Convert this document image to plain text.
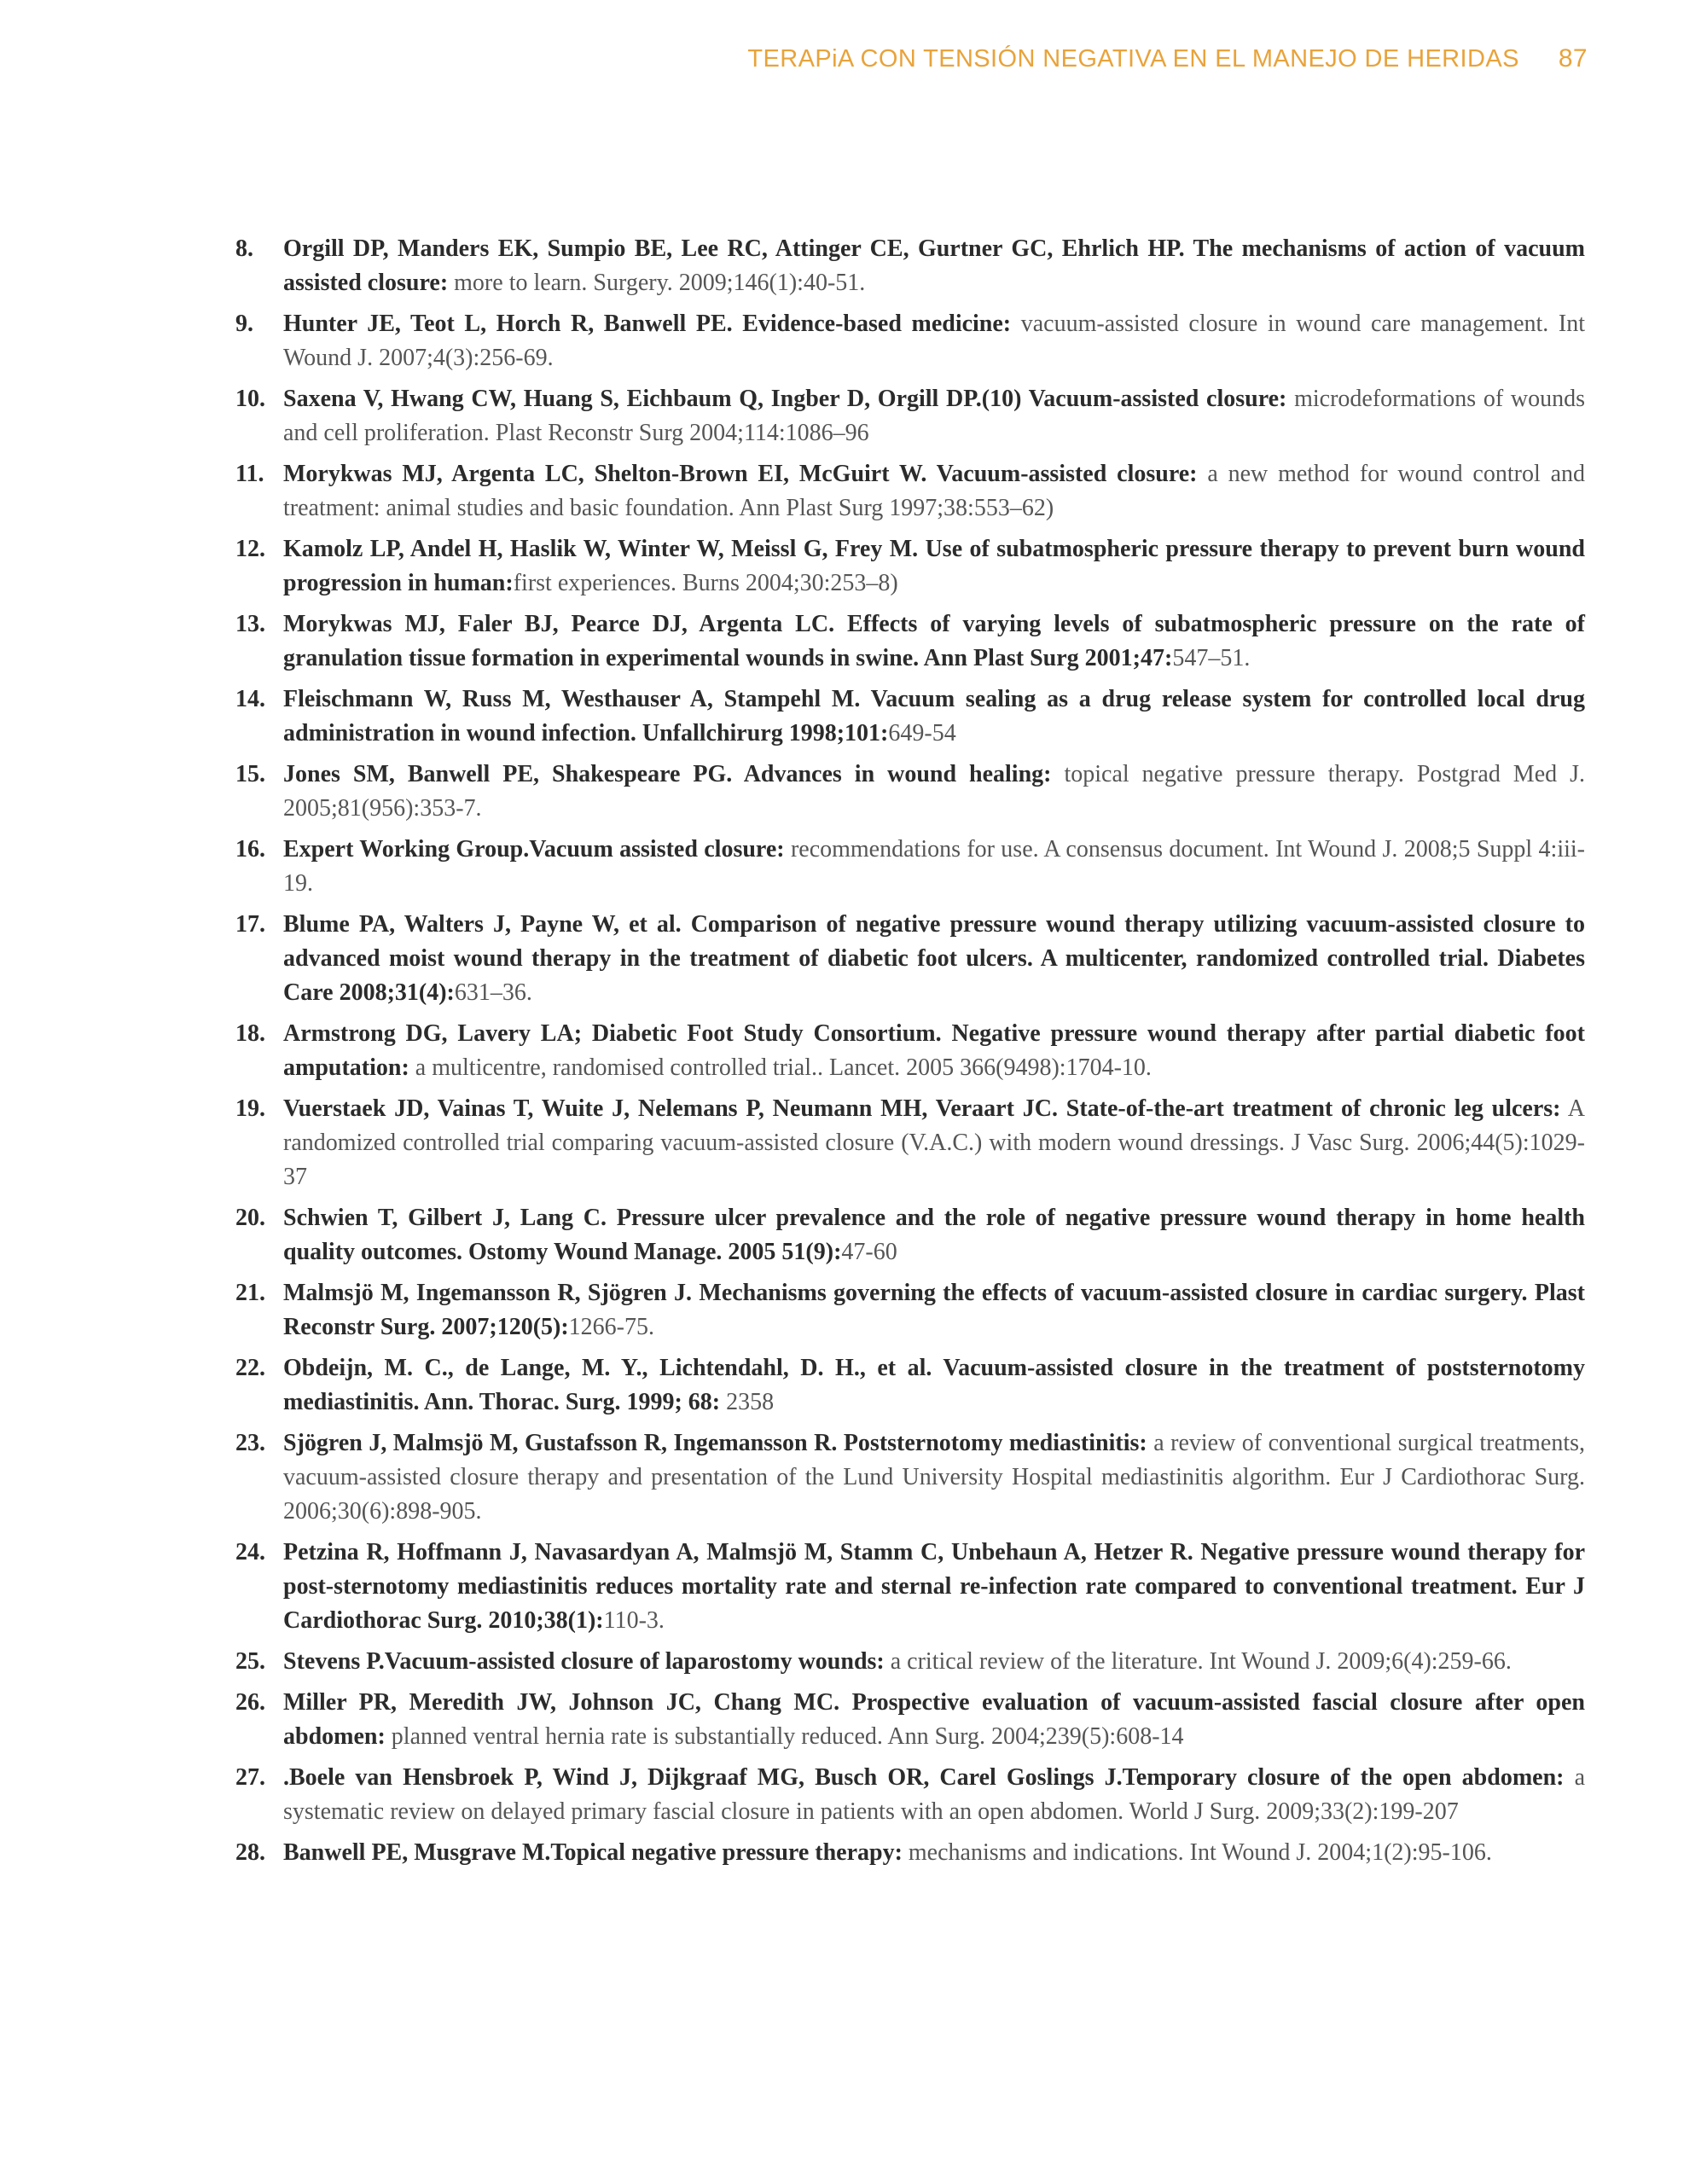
TERAPiA CON TENSIÓN NEGATIVA EN EL MANEJO DE HERIDAS 87
8. Orgill DP, Manders EK, Sumpio BE, Lee RC, Attinger CE, Gurtner GC, Ehrlich HP. The mechanisms of action of vacuum assisted closure: more to learn. Surgery. 2009;146(1):40-51.
9. Hunter JE, Teot L, Horch R, Banwell PE. Evidence-based medicine: vacuum-assisted closure in wound care management. Int Wound J. 2007;4(3):256-69.
10. Saxena V, Hwang CW, Huang S, Eichbaum Q, Ingber D, Orgill DP.(10) Vacuum-assisted closure: microdeformations of wounds and cell proliferation. Plast Reconstr Surg 2004;114:1086–96
11. Morykwas MJ, Argenta LC, Shelton-Brown EI, McGuirt W. Vacuum-assisted closure: a new method for wound control and treatment: animal studies and basic foundation. Ann Plast Surg 1997;38:553–62)
12. Kamolz LP, Andel H, Haslik W, Winter W, Meissl G, Frey M. Use of subatmospheric pressure therapy to prevent burn wound progression in human:first experiences. Burns 2004;30:253–8)
13. Morykwas MJ, Faler BJ, Pearce DJ, Argenta LC. Effects of varying levels of subatmospheric pressure on the rate of granulation tissue formation in experimental wounds in swine. Ann Plast Surg 2001;47:547–51.
14. Fleischmann W, Russ M, Westhauser A, Stampehl M. Vacuum sealing as a drug release system for controlled local drug administration in wound infection. Unfallchirurg 1998;101:649-54
15. Jones SM, Banwell PE, Shakespeare PG. Advances in wound healing: topical negative pressure therapy. Postgrad Med J. 2005;81(956):353-7.
16. Expert Working Group.Vacuum assisted closure: recommendations for use. A consensus document. Int Wound J. 2008;5 Suppl 4:iii-19.
17. Blume PA, Walters J, Payne W, et al. Comparison of negative pressure wound therapy utilizing vacuum-assisted closure to advanced moist wound therapy in the treatment of diabetic foot ulcers. A multicenter, randomized controlled trial. Diabetes Care 2008;31(4):631–36.
18. Armstrong DG, Lavery LA; Diabetic Foot Study Consortium. Negative pressure wound therapy after partial diabetic foot amputation: a multicentre, randomised controlled trial.. Lancet. 2005 366(9498):1704-10.
19. Vuerstaek JD, Vainas T, Wuite J, Nelemans P, Neumann MH, Veraart JC. State-of-the-art treatment of chronic leg ulcers: A randomized controlled trial comparing vacuum-assisted closure (V.A.C.) with modern wound dressings. J Vasc Surg. 2006;44(5):1029-37
20. Schwien T, Gilbert J, Lang C. Pressure ulcer prevalence and the role of negative pressure wound therapy in home health quality outcomes. Ostomy Wound Manage. 2005 51(9):47-60
21. Malmsjö M, Ingemansson R, Sjögren J. Mechanisms governing the effects of vacuum-assisted closure in cardiac surgery. Plast Reconstr Surg. 2007;120(5):1266-75.
22. Obdeijn, M. C., de Lange, M. Y., Lichtendahl, D. H., et al. Vacuum-assisted closure in the treatment of poststernotomy mediastinitis. Ann. Thorac. Surg. 1999; 68: 2358
23. Sjögren J, Malmsjö M, Gustafsson R, Ingemansson R. Poststernotomy mediastinitis: a review of conventional surgical treatments, vacuum-assisted closure therapy and presentation of the Lund University Hospital mediastinitis algorithm. Eur J Cardiothorac Surg. 2006;30(6):898-905.
24. Petzina R, Hoffmann J, Navasardyan A, Malmsjö M, Stamm C, Unbehaun A, Hetzer R. Negative pressure wound therapy for post-sternotomy mediastinitis reduces mortality rate and sternal re-infection rate compared to conventional treatment. Eur J Cardiothorac Surg. 2010;38(1):110-3.
25. Stevens P.Vacuum-assisted closure of laparostomy wounds: a critical review of the literature. Int Wound J. 2009;6(4):259-66.
26. Miller PR, Meredith JW, Johnson JC, Chang MC. Prospective evaluation of vacuum-assisted fascial closure after open abdomen: planned ventral hernia rate is substantially reduced. Ann Surg. 2004;239(5):608-14
27. .Boele van Hensbroek P, Wind J, Dijkgraaf MG, Busch OR, Carel Goslings J.Temporary closure of the open abdomen: a systematic review on delayed primary fascial closure in patients with an open abdomen. World J Surg. 2009;33(2):199-207
28. Banwell PE, Musgrave M.Topical negative pressure therapy: mechanisms and indications. Int Wound J. 2004;1(2):95-106.
